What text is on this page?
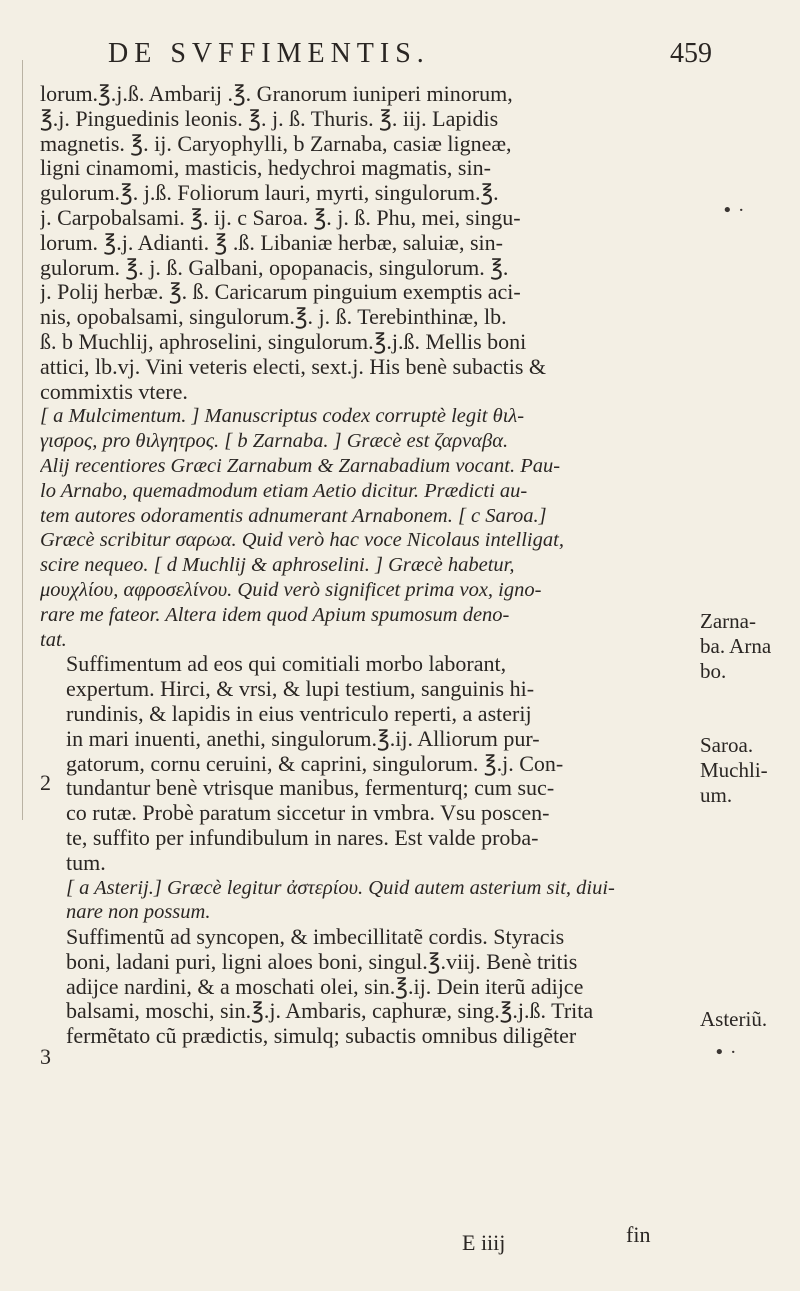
DE SVFFIMENTIS.	459
lorum.℥.j.ß. Ambarij .℥. Granorum iuniperi minorum,
℥.j. Pinguedinis leonis. ℥. j. ß. Thuris. ℥. iij. Lapidis
magnetis. ℥. ij. Caryophylli, b Zarnaba, casiæ ligneæ,
ligni cinamomi, masticis, hedychroi magmatis, sin-
gulorum.℥. j.ß. Foliorum lauri, myrti, singulorum.℥.
j. Carpobalsami. ℥. ij. c Saroa. ℥. j. ß. Phu, mei, singu-
lorum. ℥.j. Adianti. ℥ .ß. Libaniæ herbæ, saluiæ, sin-
gulorum. ℥. j. ß. Galbani, opopanacis, singulorum. ℥.
j. Polij herbæ. ℥. ß. Caricarum pinguium exemptis aci-
nis, opobalsami, singulorum.℥. j. ß. Terebinthinæ, lb.
ß. b Muchlij, aphroselini, singulorum.℥.j.ß. Mellis boni
attici, lb.vj. Vini veteris electi, sext.j. His benè subactis &
commixtis vtere.
[ a Mulcimentum. ] Manuscriptus codex corruptè legit θιλ-
γισρος, pro θιλγητρος. [ b Zarnaba. ] Græcè est ζαρναβα.
Alij recentiores Græci Zarnabum & Zarnabadium vocant. Pau-
lo Arnabo, quemadmodum etiam Aetio dicitur. Prædicti au-
tem autores odoramentis adnumerant Arnabonem. [ c Saroa.]
Græcè scribitur σαρωα. Quid verò hac voce Nicolaus intelligat,
scire nequeo. [ d Muchlij & aphroselini. ] Græcè habetur,
μουχλίου, αφροσελίνου. Quid verò significet prima vox, igno-
rare me fateor. Altera idem quod Apium spumosum deno-
tat.
Suffimentum ad eos qui comitiali morbo laborant,
expertum. Hirci, & vrsi, & lupi testium, sanguinis hi-
rundinis, & lapidis in eius ventriculo reperti, a asterij
in mari inuenti, anethi, singulorum.℥.ij. Alliorum pur-
gatorum, cornu ceruini, & caprini, singulorum. ℥.j. Con-
tundantur benè vtrisque manibus, fermenturq; cum suc-
co rutæ. Probè paratum siccetur in vmbra. Vsu poscen-
te, suffito per infundibulum in nares. Est valde proba-
tum.
[ a Asterij.] Græcè legitur ἀστερίου. Quid autem asterium sit, diui-
nare non possum.
Suffimentũ ad syncopen, & imbecillitatẽ cordis. Styracis
boni, ladani puri, ligni aloes boni, singul.℥.viij. Benè tritis
adijce nardini, & a moschati olei, sin.℥.ij. Dein iterũ adijce
balsami, moschi, sin.℥.j. Ambaris, caphuræ, sing.℥.j.ß. Trita
fermẽtato cũ prædictis, simulq; subactis omnibus diligẽter
2
3
Zarna-
ba. Arna
bo.
Saroa.
Muchli-
um.
Asteriũ.
• ·
• ·
E iiij	fin
